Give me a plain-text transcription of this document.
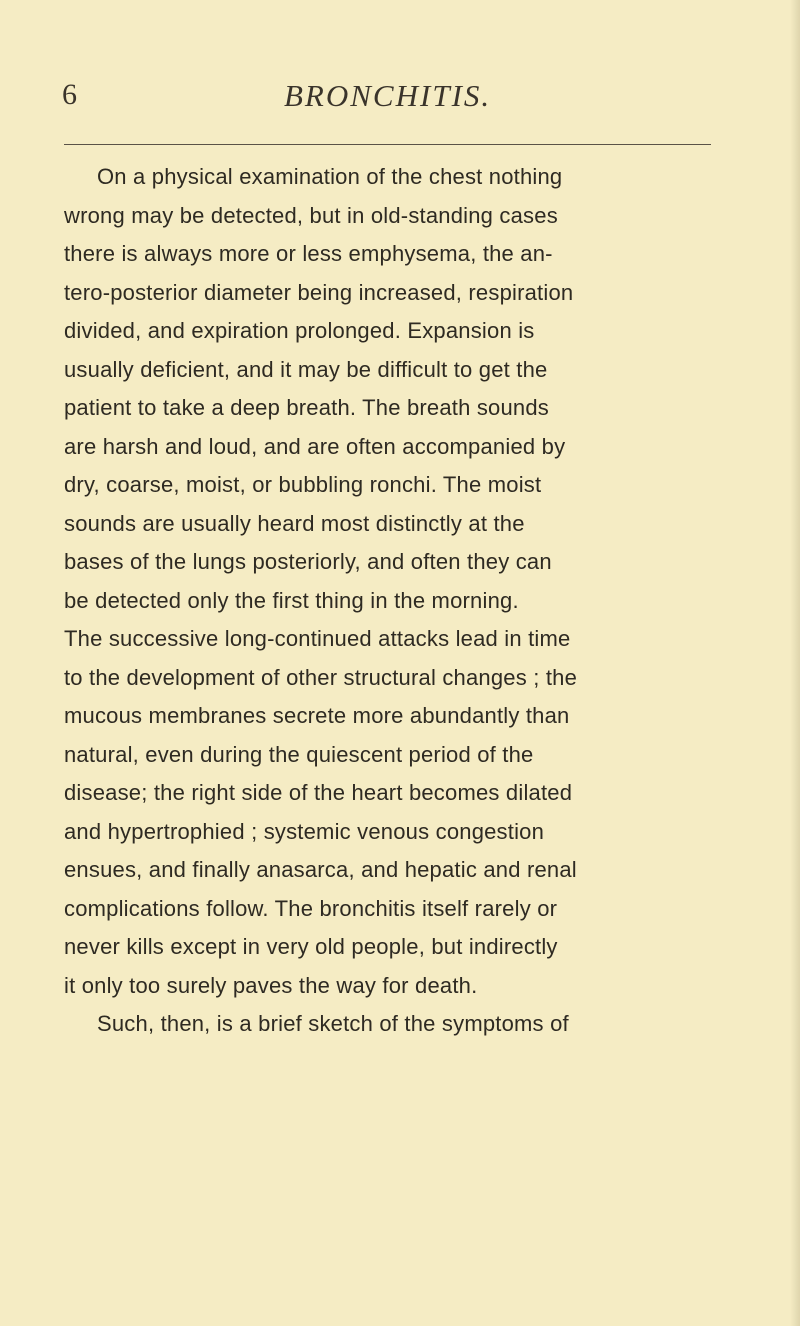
6	BRONCHITIS.
On a physical examination of the chest nothing
wrong may be detected, but in old-standing cases
there is always more or less emphysema, the an-
tero-posterior diameter being increased, respiration
divided, and expiration prolonged. Expansion is
usually deficient, and it may be difficult to get the
patient to take a deep breath. The breath sounds
are harsh and loud, and are often accompanied by
dry, coarse, moist, or bubbling ronchi. The moist
sounds are usually heard most distinctly at the
bases of the lungs posteriorly, and often they can
be detected only the first thing in the morning.
The successive long-continued attacks lead in time
to the development of other structural changes ; the
mucous membranes secrete more abundantly than
natural, even during the quiescent period of the
disease; the right side of the heart becomes dilated
and hypertrophied ; systemic venous congestion
ensues, and finally anasarca, and hepatic and renal
complications follow. The bronchitis itself rarely or
never kills except in very old people, but indirectly
it only too surely paves the way for death.
Such, then, is a brief sketch of the symptoms of
